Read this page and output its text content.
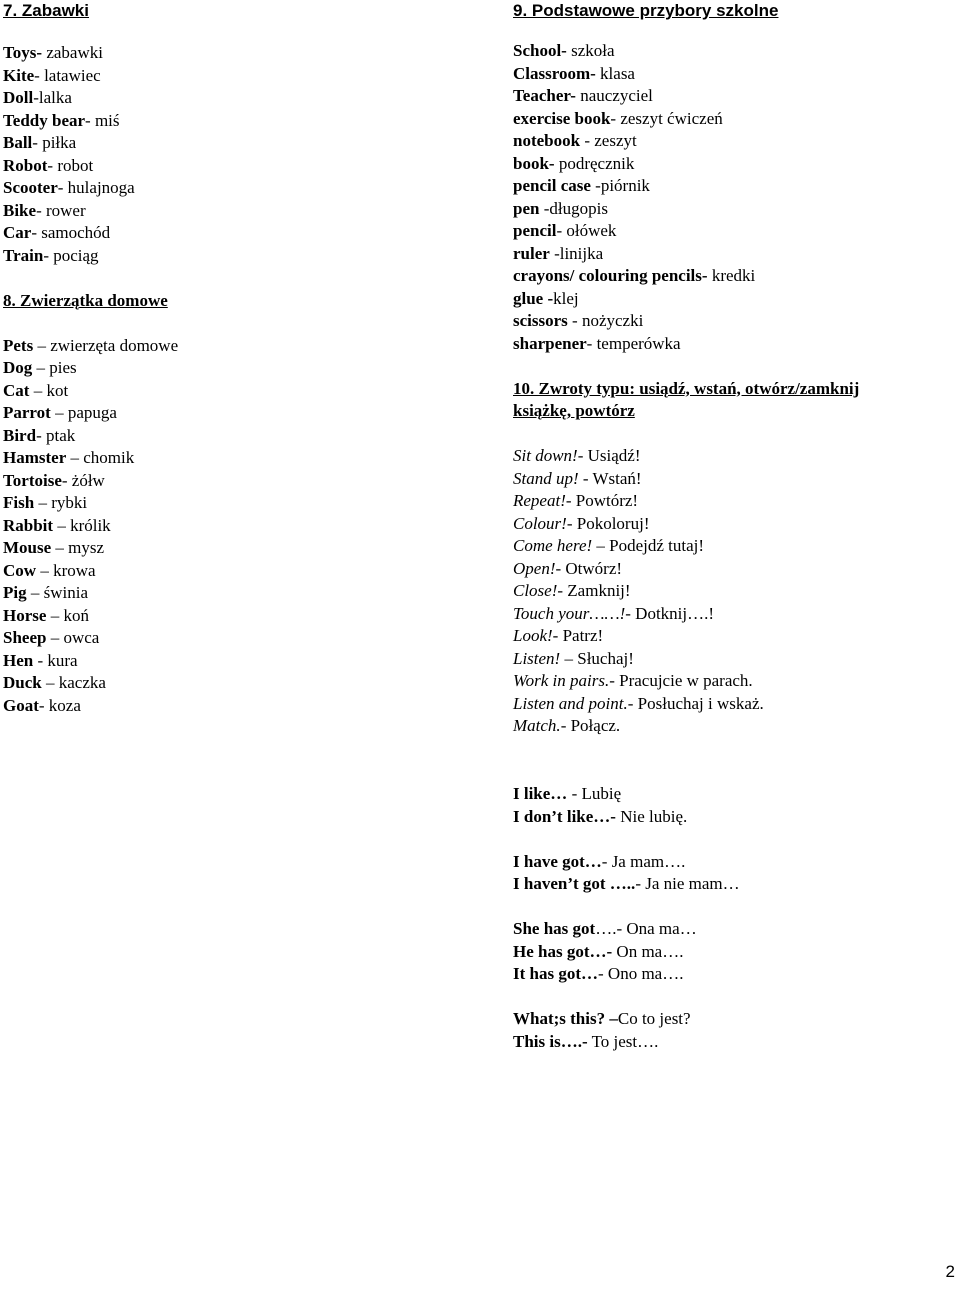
7. Zabawki
Toys- zabawki
Kite- latawiec
Doll-lalka
Teddy bear- miś
Ball- piłka
Robot- robot
Scooter- hulajnoga
Bike- rower
Car- samochód
Train- pociąg
8. Zwierzątka domowe
Pets – zwierzęta domowe
Dog – pies
Cat – kot
Parrot – papuga
Bird- ptak
Hamster – chomik
Tortoise- żółw
Fish – rybki
Rabbit – królik
Mouse – mysz
Cow – krowa
Pig – świnia
Horse – koń
Sheep – owca
Hen - kura
Duck – kaczka
Goat- koza
9. Podstawowe przybory szkolne
School- szkoła
Classroom- klasa
Teacher- nauczyciel
exercise book- zeszyt ćwiczeń
notebook - zeszyt
book- podręcznik
pencil case -piórnik
pen -długopis
pencil- ołówek
ruler -linijka
crayons/ colouring pencils- kredki
glue -klej
scissors - nożyczki
sharpener- temperówka
10. Zwroty typu: usiądź, wstań, otwórz/zamknij
książkę, powtórz
Sit down!- Usiądź!
Stand up! - Wstań!
Repeat!- Powtórz!
Colour!- Pokoloruj!
Come here! – Podejdź tutaj!
Open!- Otwórz!
Close!- Zamknij!
Touch your……!- Dotknij….!
Look!- Patrz!
Listen! – Słuchaj!
Work in pairs.- Pracujcie w parach.
Listen and point.- Posłuchaj i wskaż.
Match.- Połącz.
I like… - Lubię
I don’t like…- Nie lubię.
I have got…- Ja mam….
I haven’t got …..- Ja nie mam…
She has got….- Ona ma…
He has got…- On ma….
It has got…- Ono ma….
What;s this? –Co to jest?
This is….- To jest….
2
